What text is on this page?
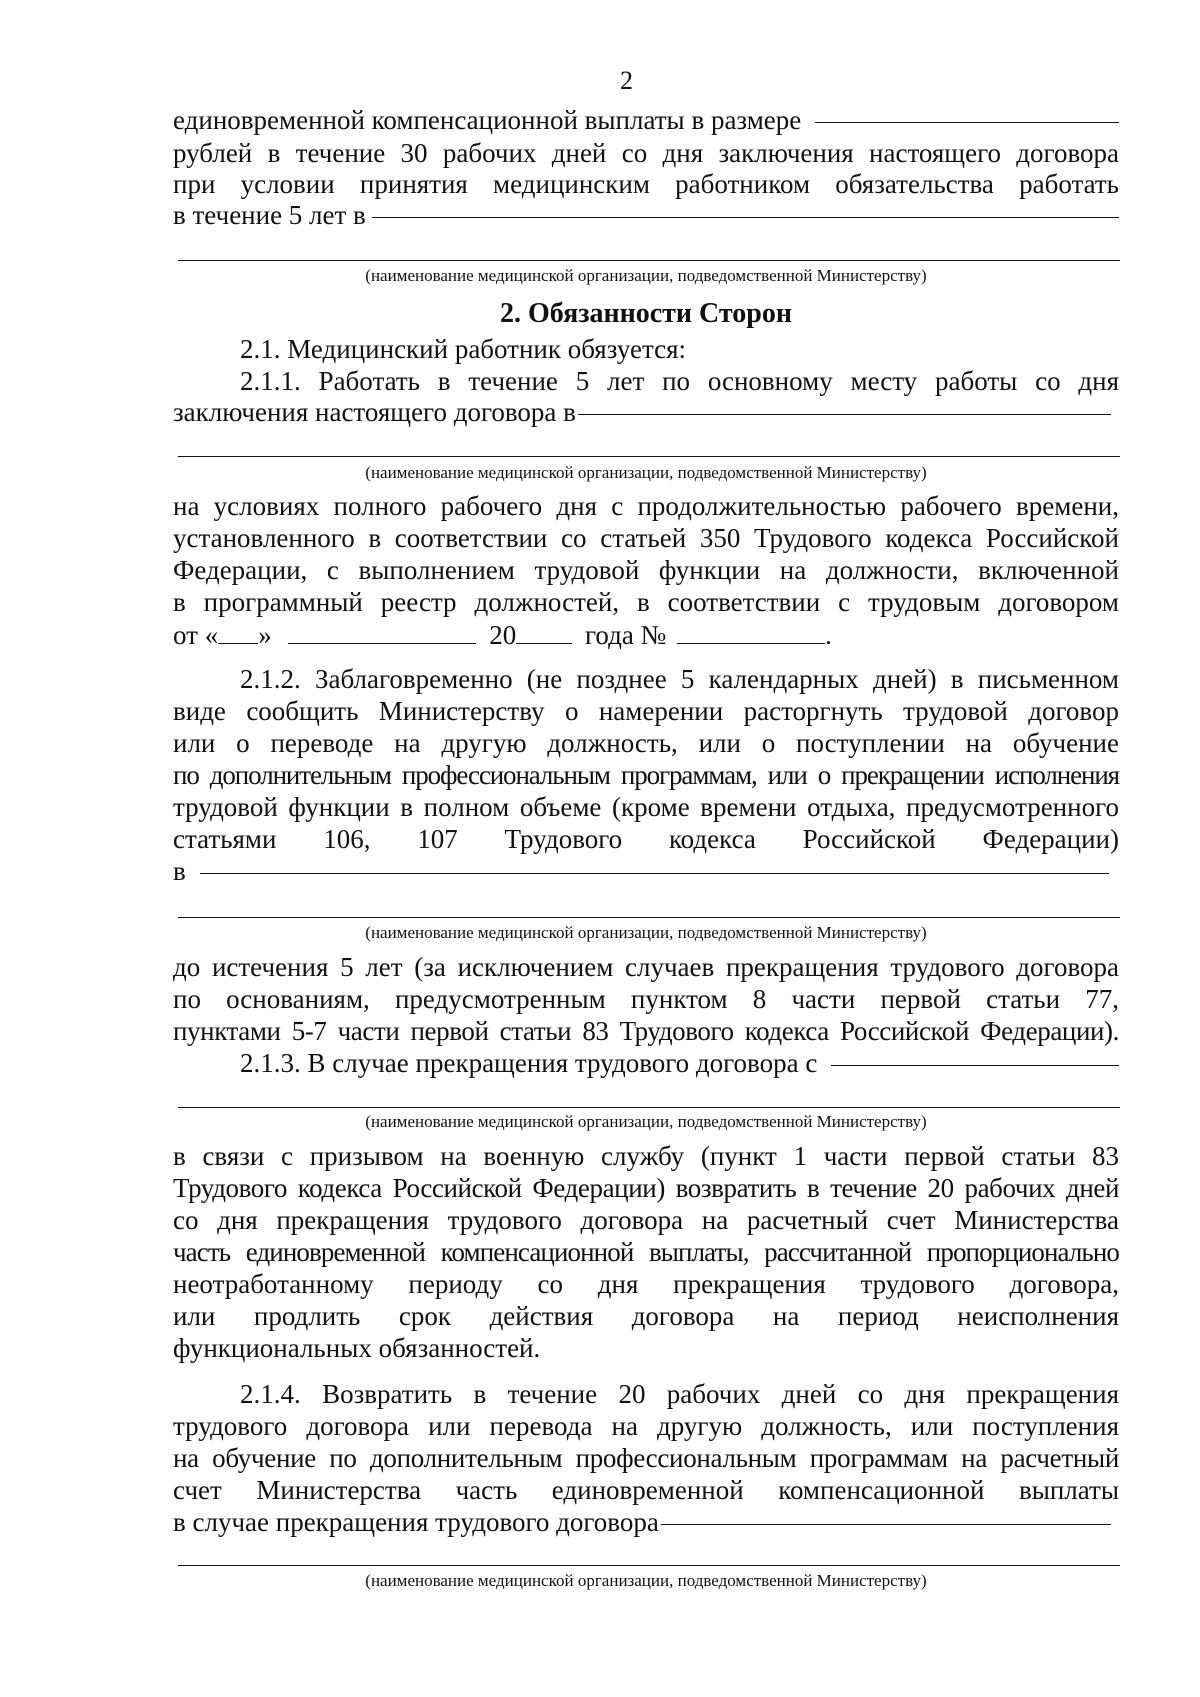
2
единовременной компенсационной выплаты в размере
рублей в течение 30 рабочих дней со дня заключения настоящего договора
при условии принятия медицинским работником обязательства работать
в течение 5 лет в
(наименование медицинской организации, подведомственной Министерству)
2. Обязанности Сторон
2.1. Медицинский работник обязуется:
2.1.1. Работать в течение 5 лет по основному месту работы со дня
заключения настоящего договора в
(наименование медицинской организации, подведомственной Министерству)
на условиях полного рабочего дня с продолжительностью рабочего времени,
установленного в соответствии со статьей 350 Трудового кодекса Российской
Федерации, с выполнением трудовой функции на должности, включенной
в программный реестр должностей, в соответствии с трудовым договором
от « »	20	года №	.
2.1.2. Заблаговременно (не позднее 5 календарных дней) в письменном
виде сообщить Министерству о намерении расторгнуть трудовой договор
или о переводе на другую должность, или о поступлении на обучение
по дополнительным профессиональным программам, или о прекращении исполнения
трудовой функции в полном объеме (кроме времени отдыха, предусмотренного
статьями 106, 107 Трудового кодекса Российской Федерации)
в
(наименование медицинской организации, подведомственной Министерству)
до истечения 5 лет (за исключением случаев прекращения трудового договора
по основаниям, предусмотренным пунктом 8 части первой статьи 77,
пунктами 5-7 части первой статьи 83 Трудового кодекса Российской Федерации).
2.1.3. В случае прекращения трудового договора с
(наименование медицинской организации, подведомственной Министерству)
в связи с призывом на военную службу (пункт 1 части первой статьи 83
Трудового кодекса Российской Федерации) возвратить в течение 20 рабочих дней
со дня прекращения трудового договора на расчетный счет Министерства
часть единовременной компенсационной выплаты, рассчитанной пропорционально
неотработанному периоду со дня прекращения трудового договора,
или продлить срок действия договора на период неисполнения
функциональных обязанностей.
2.1.4. Возвратить в течение 20 рабочих дней со дня прекращения
трудового договора или перевода на другую должность, или поступления
на обучение по дополнительным профессиональным программам на расчетный
счет Министерства часть единовременной компенсационной выплаты
в случае прекращения трудового договора
(наименование медицинской организации, подведомственной Министерству)
